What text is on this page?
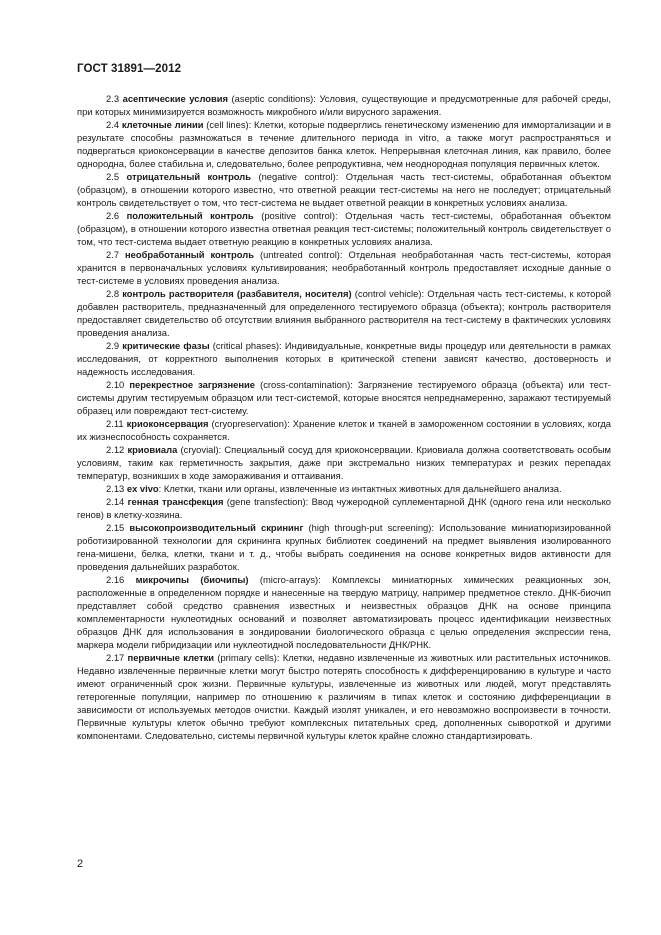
ГОСТ 31891—2012

2.3 асептические условия (aseptic conditions): Условия, существующие и предусмотренные для рабочей среды, при которых минимизируется возможность микробного и/или вирусного заражения.

2.4 клеточные линии (cell lines): Клетки, которые подверглись генетическому изменению для иммортализации и в результате способны размножаться в течение длительного периода in vitro, а также могут распространяться и подвергаться криоконсервации в качестве депозитов банка клеток. Непрерывная клеточная линия, как правило, более однородна, более стабильна и, следовательно, более репродуктивна, чем неоднородная популяция первичных клеток.

2.5 отрицательный контроль (negative control): Отдельная часть тест-системы, обработанная объектом (образцом), в отношении которого известно, что ответной реакции тест-системы на него не последует; отрицательный контроль свидетельствует о том, что тест-система не выдает ответной реакции в конкретных условиях анализа.

2.6 положительный контроль (positive control): Отдельная часть тест-системы, обработанная объектом (образцом), в отношении которого известна ответная реакция тест-системы; положительный контроль свидетельствует о том, что тест-система выдает ответную реакцию в конкретных условиях анализа.

2.7 необработанный контроль (untreated control): Отдельная необработанная часть тест-системы, которая хранится в первоначальных условиях культивирования; необработанный контроль предоставляет исходные данные о тест-системе в условиях проведения анализа.

2.8 контроль растворителя (разбавителя, носителя) (control vehicle): Отдельная часть тест-системы, к которой добавлен растворитель, предназначенный для определенного тестируемого образца (объекта); контроль растворителя предоставляет свидетельство об отсутствии влияния выбранного растворителя на тест-систему в фактических условиях проведения анализа.

2.9 критические фазы (critical phases): Индивидуальные, конкретные виды процедур или деятельности в рамках исследования, от корректного выполнения которых в критической степени зависят качество, достоверность и надежность исследования.

2.10 перекрестное загрязнение (cross-contamination): Загрязнение тестируемого образца (объекта) или тест-системы другим тестируемым образцом или тест-системой, которые вносятся непреднамеренно, заражают тестируемый образец или повреждают тест-систему.

2.11 криоконсервация (cryopreservation): Хранение клеток и тканей в замороженном состоянии в условиях, когда их жизнеспособность сохраняется.

2.12 криовиала (cryovial): Специальный сосуд для криоконсервации. Криовиала должна соответствовать особым условиям, таким как герметичность закрытия, даже при экстремально низких температурах и резких перепадах температур, возникших в ходе замораживания и оттаивания.

2.13 ex vivo: Клетки, ткани или органы, извлеченные из интактных животных для дальнейшего анализа.

2.14 генная трансфекция (gene transfection): Ввод чужеродной суплементарной ДНК (одного гена или несколько генов) в клетку-хозяина.

2.15 высокопроизводительный скрининг (high through-put screening): Использование миниатюризированной роботизированной технологии для скрининга крупных библиотек соединений на предмет выявления изолированного гена-мишени, белка, клетки, ткани и т. д., чтобы выбрать соединения на основе конкретных видов активности для проведения дальнейших разработок.

2.16 микрочипы (биочипы) (micro-arrays): Комплексы миниатюрных химических реакционных зон, расположенные в определенном порядке и нанесенные на твердую матрицу, например предметное стекло. ДНК-биочип представляет собой средство сравнения известных и неизвестных образцов ДНК на основе принципа комплементарности нуклеотидных оснований и позволяет автоматизировать процесс идентификации неизвестных образцов ДНК для использования в зондировании биологического образца с целью определения экспрессии гена, маркера модели гибридизации или нуклеотидной последовательности ДНК/РНК.

2.17 первичные клетки (primary cells): Клетки, недавно извлеченные из животных или растительных источников. Недавно извлеченные первичные клетки могут быстро потерять способность к дифференцированию в культуре и часто имеют ограниченный срок жизни. Первичные культуры, извлеченные из животных или людей, могут представлять гетерогенные популяции, например по отношению к различиям в типах клеток и состоянию дифференциации в зависимости от используемых методов очистки. Каждый изолят уникален, и его невозможно воспроизвести в точности. Первичные культуры клеток обычно требуют комплексных питательных сред, дополненных сывороткой и другими компонентами. Следовательно, системы первичной культуры клеток крайне сложно стандартизировать.

2
